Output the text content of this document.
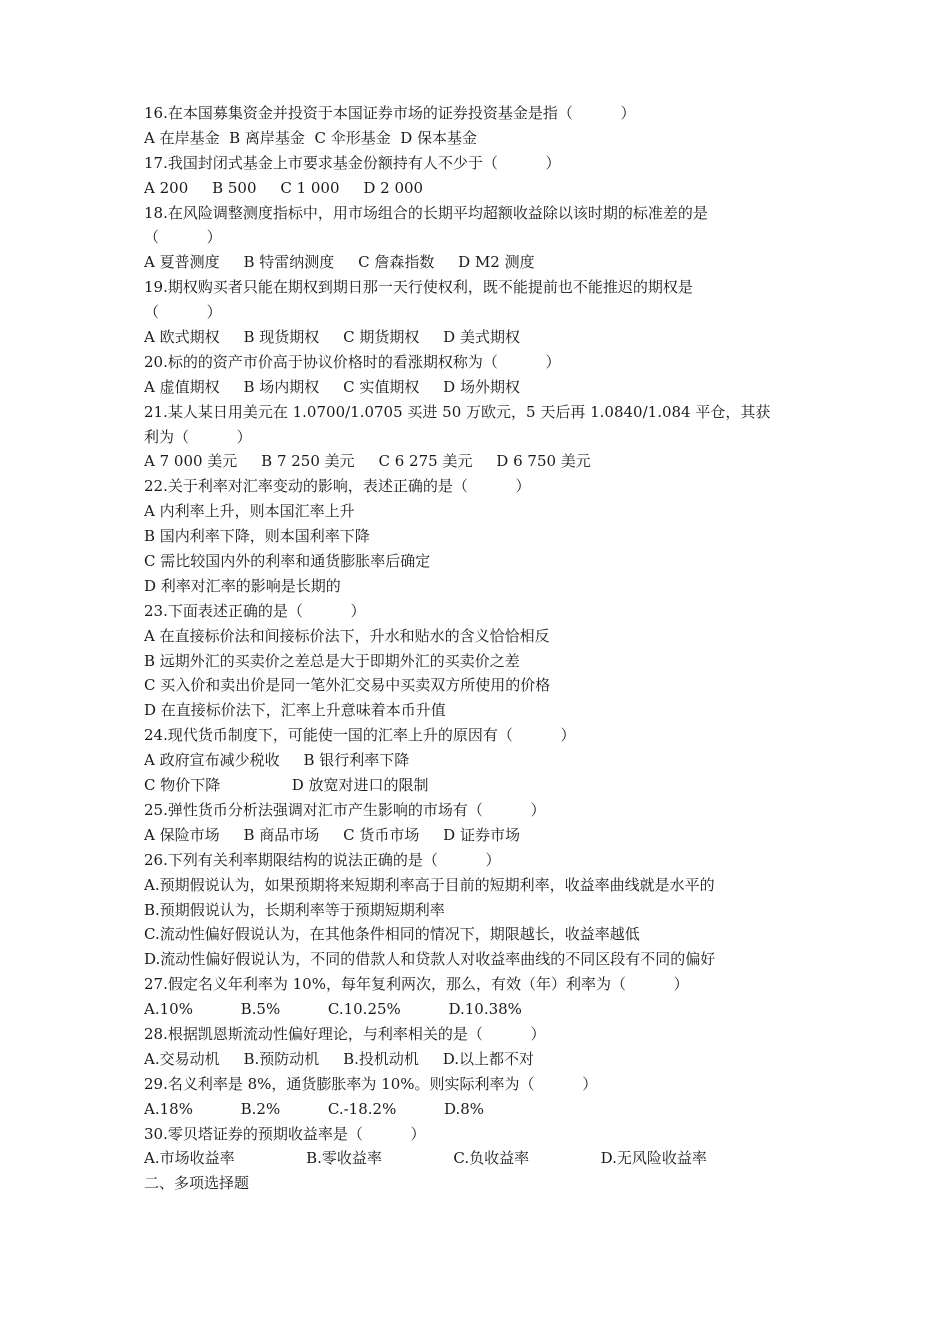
16.在本国募集资金并投资于本国证券市场的证券投资基金是指（          ）
A 在岸基金  B 离岸基金  C 伞形基金  D 保本基金
17.我国封闭式基金上市要求基金份额持有人不少于（          ）
A 200     B 500     C 1 000     D 2 000
18.在风险调整测度指标中，用市场组合的长期平均超额收益除以该时期的标准差的是
（          ）
A 夏普测度     B 特雷纳测度     C 詹森指数     D M2 测度
19.期权购买者只能在期权到期日那一天行使权利，既不能提前也不能推迟的期权是
（          ）
A 欧式期权     B 现货期权     C 期货期权     D 美式期权
20.标的的资产市价高于协议价格时的看涨期权称为（          ）
A 虚值期权     B 场内期权     C 实值期权     D 场外期权
21.某人某日用美元在 1.0700/1.0705 买进 50 万欧元，5 天后再 1.0840/1.084 平仓，其获
利为（          ）
A 7 000 美元     B 7 250 美元     C 6 275 美元     D 6 750 美元
22.关于利率对汇率变动的影响，表述正确的是（          ）
A 内利率上升，则本国汇率上升
B 国内利率下降，则本国利率下降
C 需比较国内外的利率和通货膨胀率后确定
D 利率对汇率的影响是长期的
23.下面表述正确的是（          ）
A 在直接标价法和间接标价法下，升水和贴水的含义恰恰相反
B 远期外汇的买卖价之差总是大于即期外汇的买卖价之差
C 买入价和卖出价是同一笔外汇交易中买卖双方所使用的价格
D 在直接标价法下，汇率上升意味着本币升值
24.现代货币制度下，可能使一国的汇率上升的原因有（          ）
A 政府宣布减少税收     B 银行利率下降
C 物价下降               D 放宽对进口的限制
25.弹性货币分析法强调对汇市产生影响的市场有（          ）
A 保险市场     B 商品市场     C 货币市场     D 证券市场
26.下列有关利率期限结构的说法正确的是（          ）
A.预期假说认为，如果预期将来短期利率高于目前的短期利率，收益率曲线就是水平的
B.预期假说认为，长期利率等于预期短期利率
C.流动性偏好假说认为，在其他条件相同的情况下，期限越长，收益率越低
D.流动性偏好假说认为，不同的借款人和贷款人对收益率曲线的不同区段有不同的偏好
27.假定名义年利率为 10%，每年复利两次，那么，有效（年）利率为（          ）
A.10%          B.5%          C.10.25%          D.10.38%
28.根据凯恩斯流动性偏好理论，与利率相关的是（          ）
A.交易动机     B.预防动机     B.投机动机     D.以上都不对
29.名义利率是 8%，通货膨胀率为 10%。则实际利率为（          ）
A.18%          B.2%          C.-18.2%          D.8%
30.零贝塔证券的预期收益率是（          ）
A.市场收益率               B.零收益率               C.负收益率               D.无风险收益率
二、多项选择题
